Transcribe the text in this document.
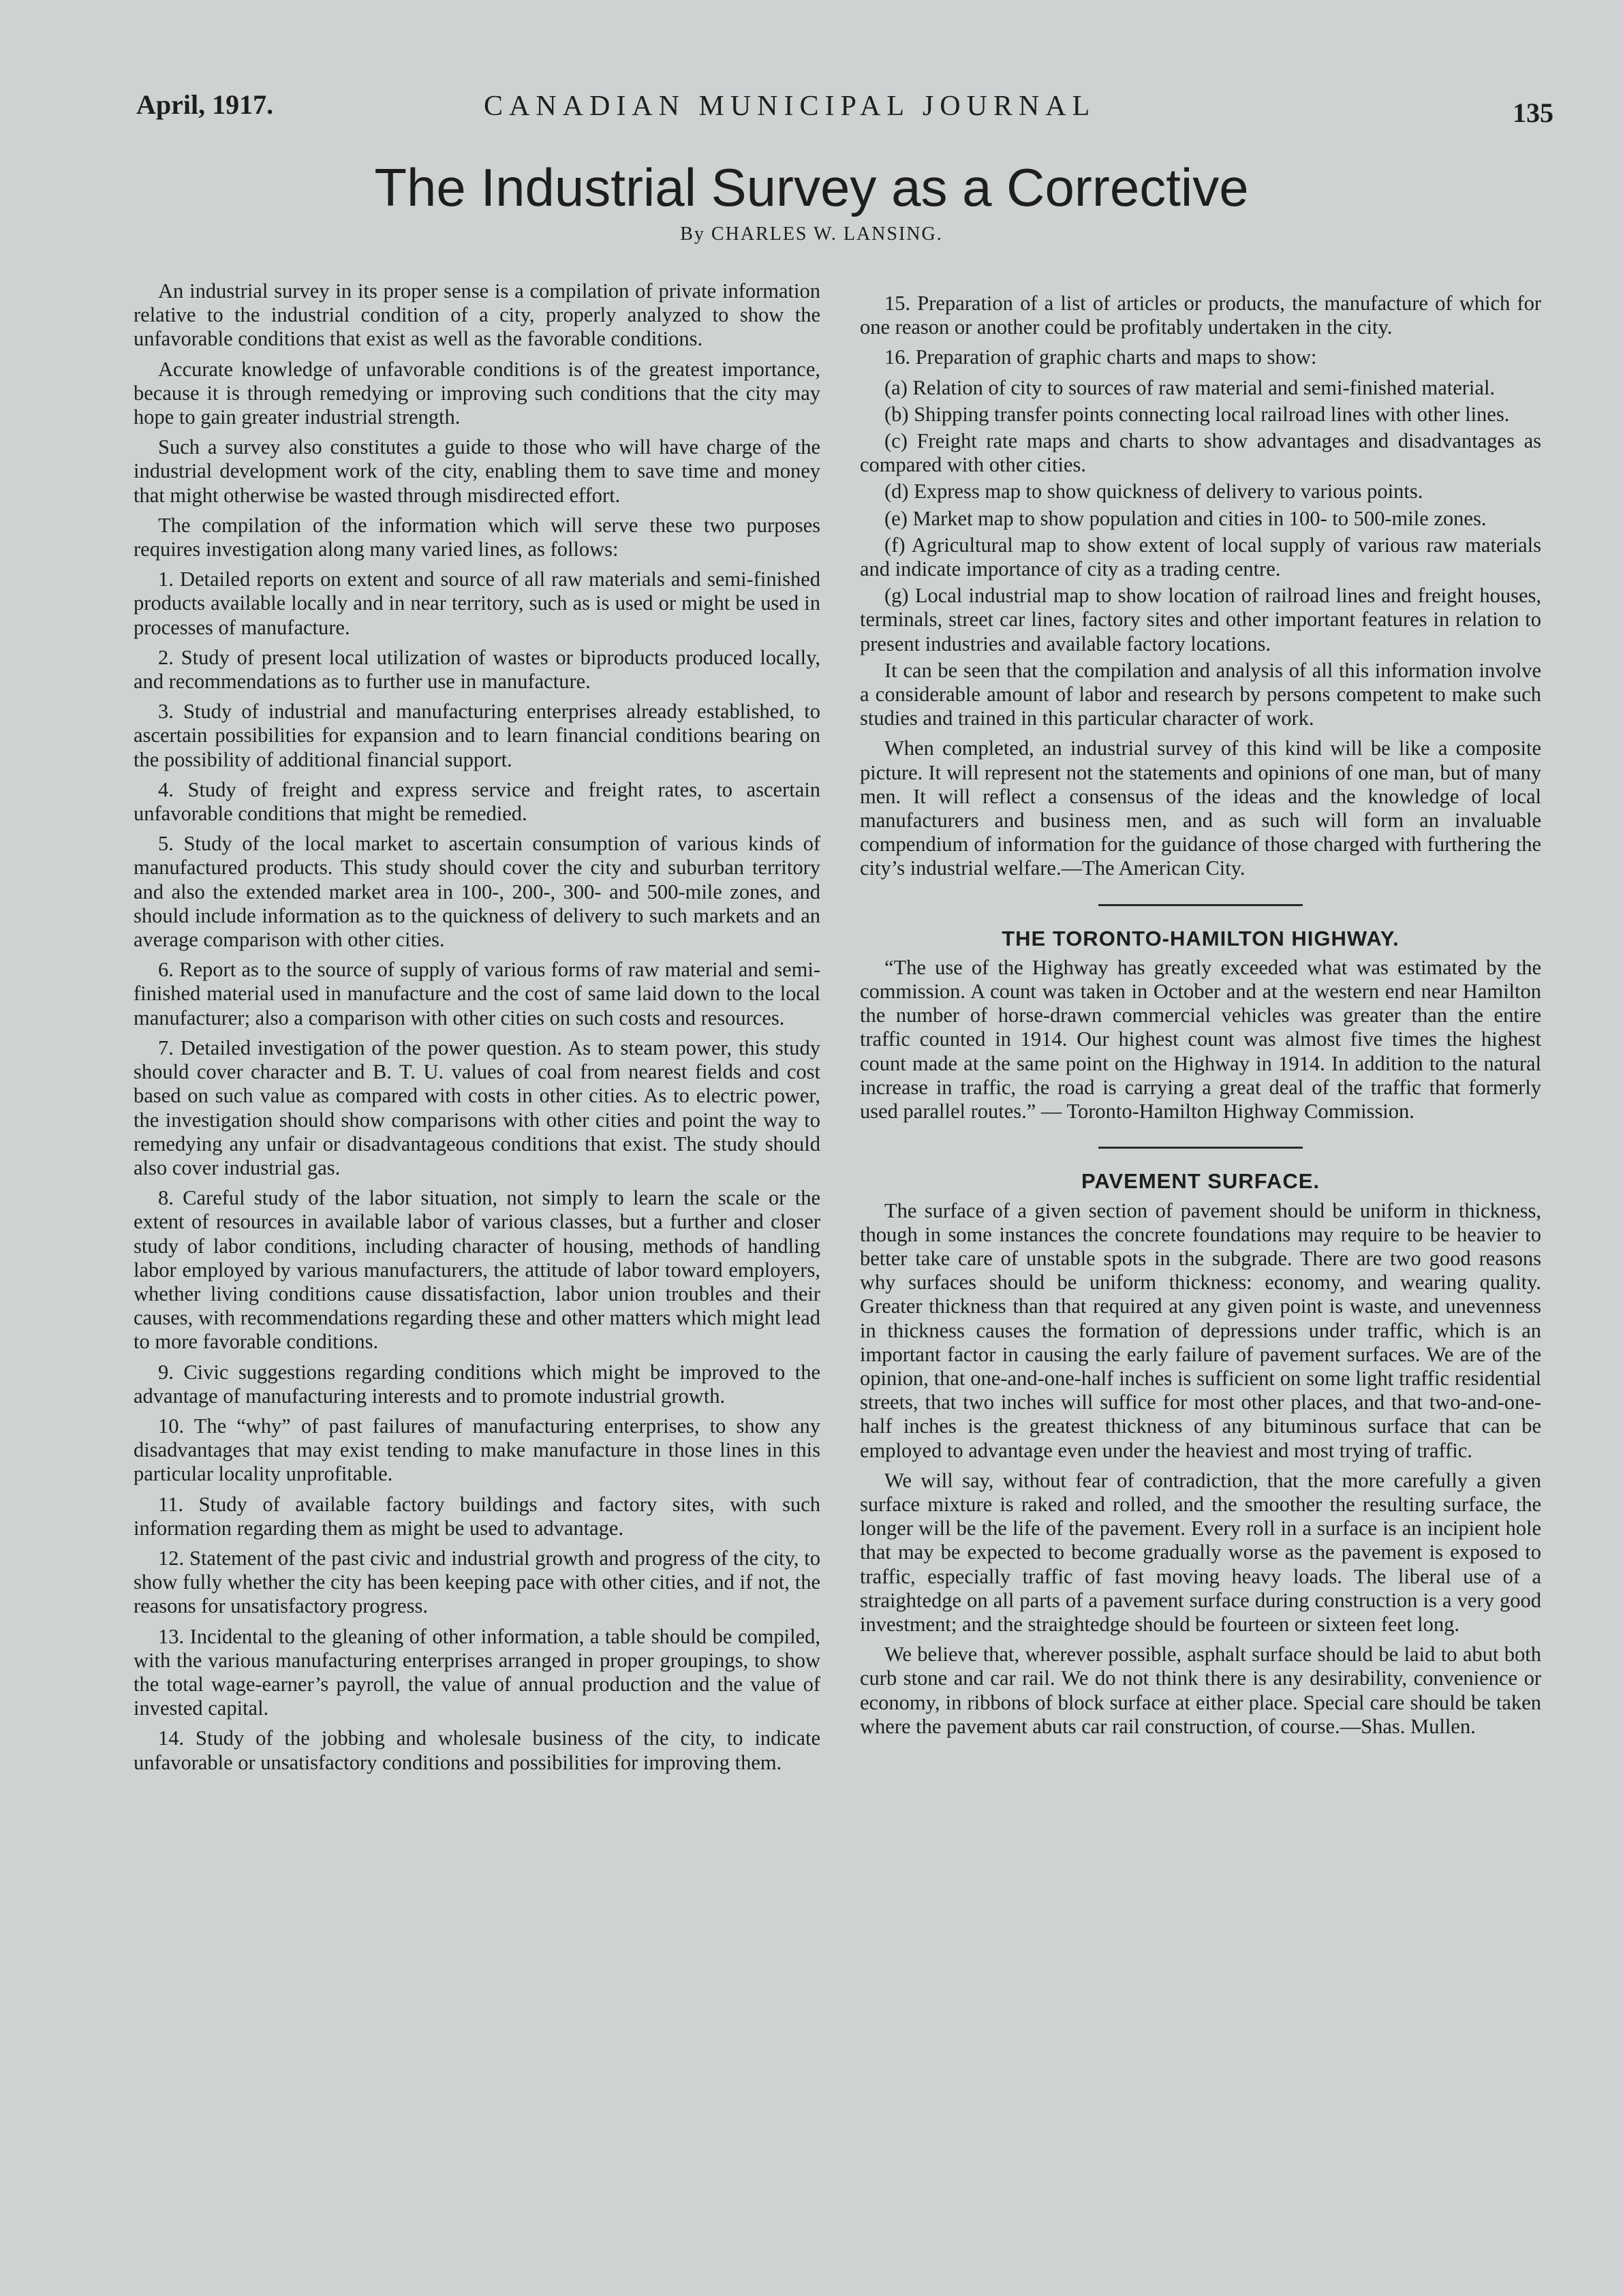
April, 1917.	CANADIAN MUNICIPAL JOURNAL	135
The Industrial Survey as a Corrective
By CHARLES W. LANSING.

An industrial survey in its proper sense is a compilation of private information relative to the industrial condition of a city, properly analyzed to show the unfavorable conditions that exist as well as the favorable conditions.

Accurate knowledge of unfavorable conditions is of the greatest importance, because it is through remedying or improving such conditions that the city may hope to gain greater industrial strength.

Such a survey also constitutes a guide to those who will have charge of the industrial development work of the city, enabling them to save time and money that might otherwise be wasted through misdirected effort.

The compilation of the information which will serve these two purposes requires investigation along many varied lines, as follows:

1. Detailed reports on extent and source of all raw materials and semi-finished products available locally and in near territory, such as is used or might be used in processes of manufacture.

2. Study of present local utilization of wastes or biproducts produced locally, and recommendations as to further use in manufacture.

3. Study of industrial and manufacturing enterprises already established, to ascertain possibilities for expansion and to learn financial conditions bearing on the possibility of additional financial support.

4. Study of freight and express service and freight rates, to ascertain unfavorable conditions that might be remedied.

5. Study of the local market to ascertain consumption of various kinds of manufactured products. This study should cover the city and suburban territory and also the extended market area in 100-, 200-, 300- and 500-mile zones, and should include information as to the quickness of delivery to such markets and an average comparison with other cities.

6. Report as to the source of supply of various forms of raw material and semi-finished material used in manufacture and the cost of same laid down to the local manufacturer; also a comparison with other cities on such costs and resources.

7. Detailed investigation of the power question. As to steam power, this study should cover character and B. T. U. values of coal from nearest fields and cost based on such value as compared with costs in other cities. As to electric power, the investigation should show comparisons with other cities and point the way to remedying any unfair or disadvantageous conditions that exist. The study should also cover industrial gas.

8. Careful study of the labor situation, not simply to learn the scale or the extent of resources in available labor of various classes, but a further and closer study of labor conditions, including character of housing, methods of handling labor employed by various manufacturers, the attitude of labor toward employers, whether living conditions cause dissatisfaction, labor union troubles and their causes, with recommendations regarding these and other matters which might lead to more favorable conditions.

9. Civic suggestions regarding conditions which might be improved to the advantage of manufacturing interests and to promote industrial growth.

10. The “why” of past failures of manufacturing enterprises, to show any disadvantages that may exist tending to make manufacture in those lines in this particular locality unprofitable.

11. Study of available factory buildings and factory sites, with such information regarding them as might be used to advantage.

12. Statement of the past civic and industrial growth and progress of the city, to show fully whether the city has been keeping pace with other cities, and if not, the reasons for unsatisfactory progress.

13. Incidental to the gleaning of other information, a table should be compiled, with the various manufacturing enterprises arranged in proper groupings, to show the total wage-earner’s payroll, the value of annual production and the value of invested capital.

14. Study of the jobbing and wholesale business of the city, to indicate unfavorable or unsatisfactory conditions and possibilities for improving them.

15. Preparation of a list of articles or products, the manufacture of which for one reason or another could be profitably undertaken in the city.

16. Preparation of graphic charts and maps to show:

(a) Relation of city to sources of raw material and semi-finished material.

(b) Shipping transfer points connecting local railroad lines with other lines.

(c) Freight rate maps and charts to show advantages and disadvantages as compared with other cities.

(d) Express map to show quickness of delivery to various points.

(e) Market map to show population and cities in 100- to 500-mile zones.

(f) Agricultural map to show extent of local supply of various raw materials and indicate importance of city as a trading centre.

(g) Local industrial map to show location of railroad lines and freight houses, terminals, street car lines, factory sites and other important features in relation to present industries and available factory locations.

It can be seen that the compilation and analysis of all this information involve a considerable amount of labor and research by persons competent to make such studies and trained in this particular character of work.

When completed, an industrial survey of this kind will be like a composite picture. It will represent not the statements and opinions of one man, but of many men. It will reflect a consensus of the ideas and the knowledge of local manufacturers and business men, and as such will form an invaluable compendium of information for the guidance of those charged with furthering the city’s industrial welfare.—The American City.

THE TORONTO-HAMILTON HIGHWAY.

“The use of the Highway has greatly exceeded what was estimated by the commission. A count was taken in October and at the western end near Hamilton the number of horse-drawn commercial vehicles was greater than the entire traffic counted in 1914. Our highest count was almost five times the highest count made at the same point on the Highway in 1914. In addition to the natural increase in traffic, the road is carrying a great deal of the traffic that formerly used parallel routes.” — Toronto-Hamilton Highway Commission.

PAVEMENT SURFACE.

The surface of a given section of pavement should be uniform in thickness, though in some instances the concrete foundations may require to be heavier to better take care of unstable spots in the subgrade. There are two good reasons why surfaces should be uniform thickness: economy, and wearing quality. Greater thickness than that required at any given point is waste, and unevenness in thickness causes the formation of depressions under traffic, which is an important factor in causing the early failure of pavement surfaces. We are of the opinion, that one-and-one-half inches is sufficient on some light traffic residential streets, that two inches will suffice for most other places, and that two-and-one-half inches is the greatest thickness of any bituminous surface that can be employed to advantage even under the heaviest and most trying of traffic.

We will say, without fear of contradiction, that the more carefully a given surface mixture is raked and rolled, and the smoother the resulting surface, the longer will be the life of the pavement. Every roll in a surface is an incipient hole that may be expected to become gradually worse as the pavement is exposed to traffic, especially traffic of fast moving heavy loads. The liberal use of a straightedge on all parts of a pavement surface during construction is a very good investment; and the straightedge should be fourteen or sixteen feet long.

We believe that, wherever possible, asphalt surface should be laid to abut both curb stone and car rail. We do not think there is any desirability, convenience or economy, in ribbons of block surface at either place. Special care should be taken where the pavement abuts car rail construction, of course.—Shas. Mullen.
